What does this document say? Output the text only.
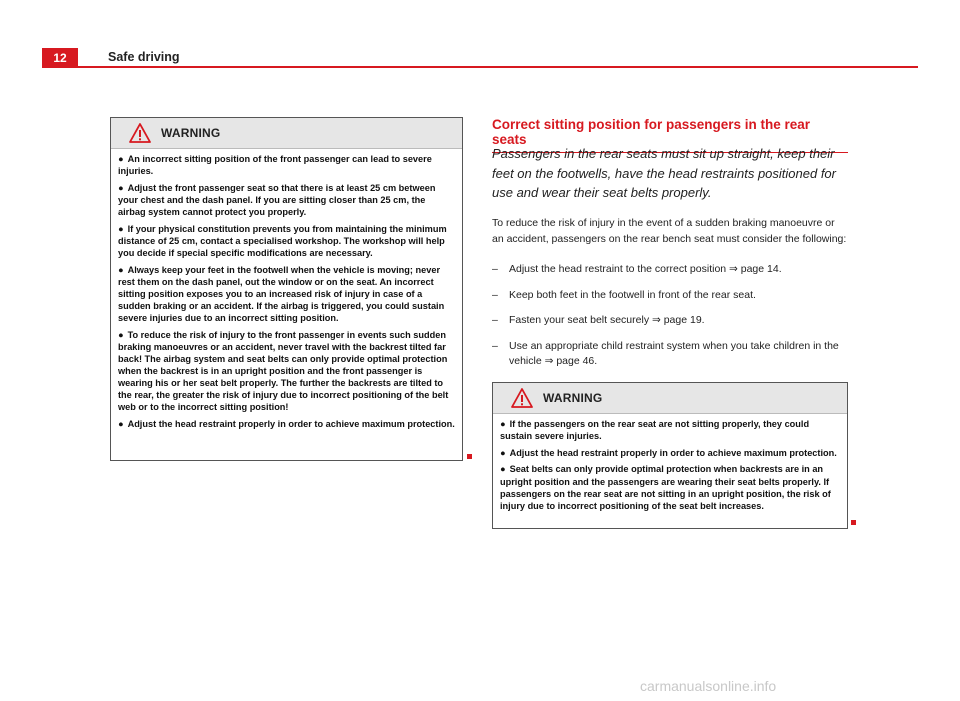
12	Safe driving
WARNING
● An incorrect sitting position of the front passenger can lead to severe injuries.
● Adjust the front passenger seat so that there is at least 25 cm between your chest and the dash panel. If you are sitting closer than 25 cm, the airbag system cannot protect you properly.
● If your physical constitution prevents you from maintaining the minimum distance of 25 cm, contact a specialised workshop. The workshop will help you decide if special specific modifications are necessary.
● Always keep your feet in the footwell when the vehicle is moving; never rest them on the dash panel, out the window or on the seat. An incorrect sitting position exposes you to an increased risk of injury in case of a sudden braking or an accident. If the airbag is triggered, you could sustain severe injuries due to an incorrect sitting position.
● To reduce the risk of injury to the front passenger in events such sudden braking manoeuvres or an accident, never travel with the backrest tilted far back! The airbag system and seat belts can only provide optimal protection when the backrest is in an upright position and the front passenger is wearing his or her seat belt properly. The further the backrests are tilted to the rear, the greater the risk of injury due to incorrect positioning of the belt web or to the incorrect sitting position!
● Adjust the head restraint properly in order to achieve maximum protection.
Correct sitting position for passengers in the rear seats
Passengers in the rear seats must sit up straight, keep their feet on the footwells, have the head restraints positioned for use and wear their seat belts properly.
To reduce the risk of injury in the event of a sudden braking manoeuvre or an accident, passengers on the rear bench seat must consider the following:
– Adjust the head restraint to the correct position ⇒ page 14.
– Keep both feet in the footwell in front of the rear seat.
– Fasten your seat belt securely ⇒ page 19.
– Use an appropriate child restraint system when you take children in the vehicle ⇒ page 46.
WARNING
● If the passengers on the rear seat are not sitting properly, they could sustain severe injuries.
● Adjust the head restraint properly in order to achieve maximum protection.
● Seat belts can only provide optimal protection when backrests are in an upright position and the passengers are wearing their seat belts properly. If passengers on the rear seat are not sitting in an upright position, the risk of injury due to incorrect positioning of the seat belt increases.
carmanualsonline.info
